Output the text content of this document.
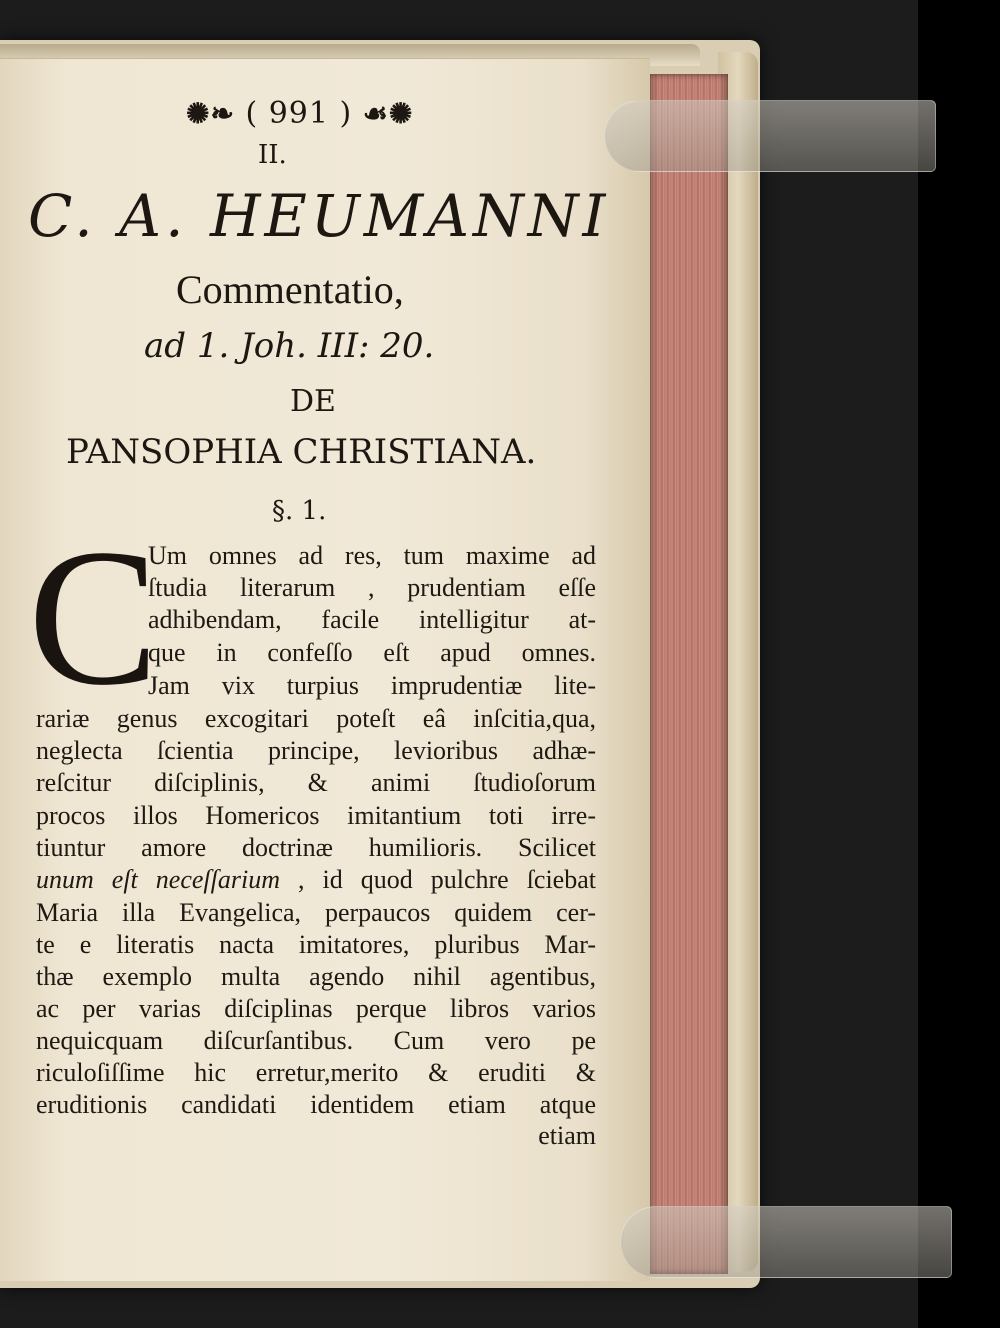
✺❧ ( 991 ) ☙✺
II.
C. A. HEUMANNI
Commentatio,
ad 1. Joh. III: 20.
DE
PANSOPHIA CHRISTIANA.
§. 1.
C
Um omnes ad res, tum maxime ad
ſtudia literarum , prudentiam eſſe
adhibendam, facile intelligitur at-
que in confeſſo eſt apud omnes.
Jam vix turpius imprudentiæ lite-
rariæ genus excogitari poteſt eâ inſcitia,qua,
neglecta ſcientia principe, levioribus adhæ-
reſcitur diſciplinis, & animi ſtudioſorum
procos illos Homericos imitantium toti irre-
tiuntur amore doctrinæ humilioris. Scilicet
unum eſt neceſſarium , id quod pulchre ſciebat
Maria illa Evangelica, perpaucos quidem cer-
te e literatis nacta imitatores, pluribus Mar-
thæ exemplo multa agendo nihil agentibus,
ac per varias diſciplinas perque libros varios
nequicquam diſcurſantibus. Cum vero pe
riculoſiſſime hic erretur,merito & eruditi &
eruditionis candidati identidem etiam atque
etiam
